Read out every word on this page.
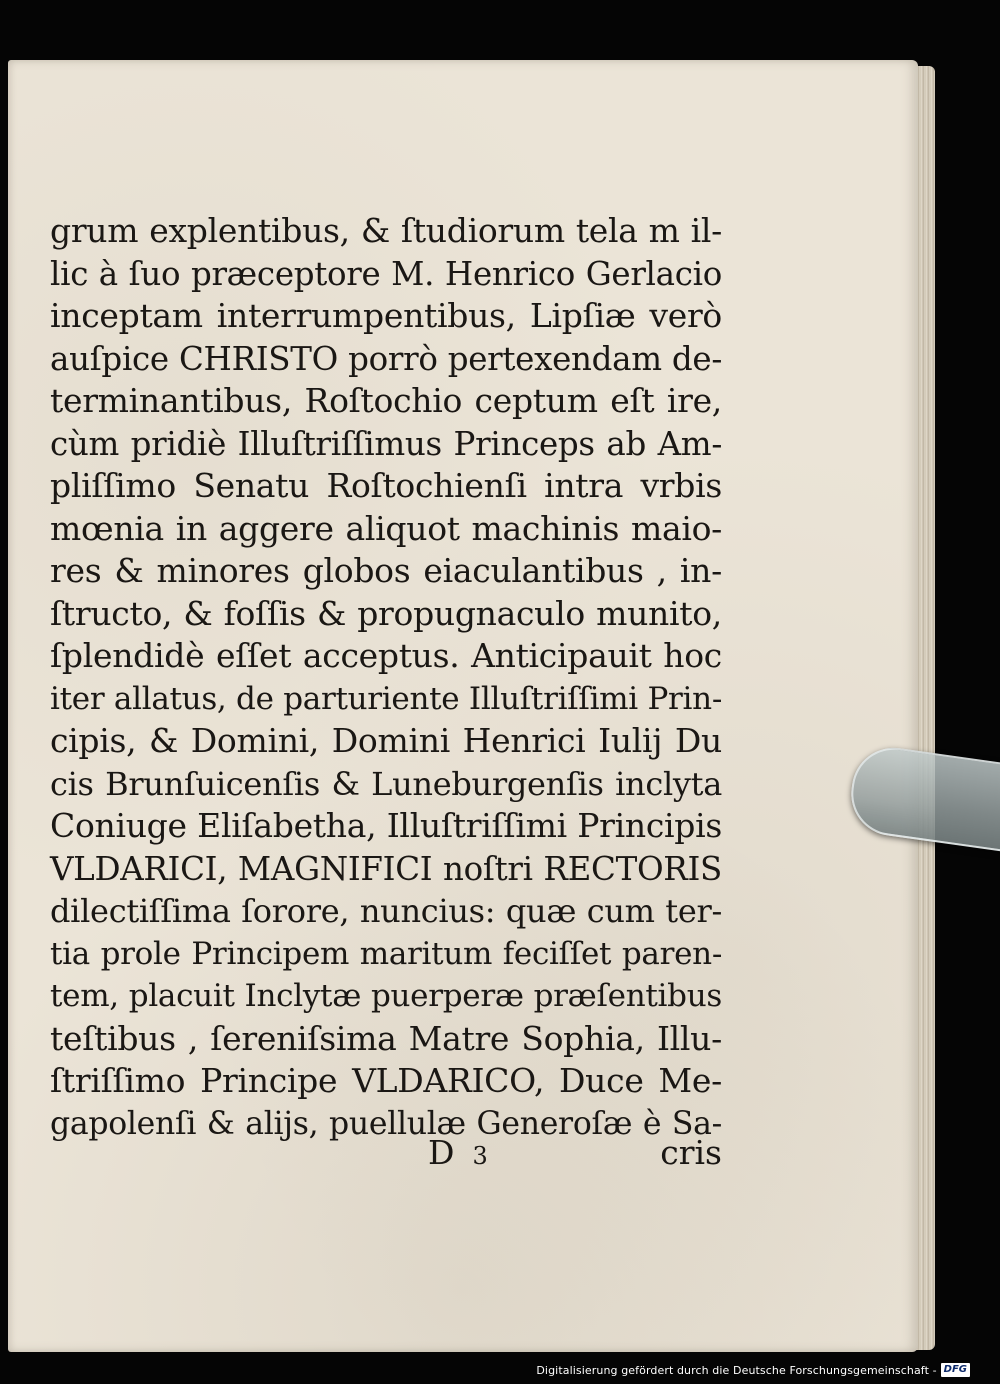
grum explentibus, & ſtudiorum tela m il-
lic à ſuo præceptore M. Henrico Gerlacio
inceptam interrumpentibus, Lipſiæ verò
auſpice CHRISTO porrò pertexendam de-
terminantibus, Roſtochio ceptum eſt ire,
cùm pridiè Illuſtriſſimus Princeps ab Am-
pliſſimo Senatu Roſtochienſi intra vrbis
mœnia in aggere aliquot machinis maio-
res & minores globos eiaculantibus , in-
ſtructo, & foſſis & propugnaculo munito,
ſplendidè eſſet acceptus. Anticipauit hoc
iter allatus, de parturiente Illuſtriſſimi Prin-
cipis, & Domini, Domini Henrici Iulij Du
cis Brunſuicenſis & Luneburgenſis inclyta
Coniuge Eliſabetha, Illuſtriſſimi Principis
VLDARICI, MAGNIFICI noſtri RECTORIS
dilectiſſima ſorore, nuncius: quæ cum ter-
tia prole Principem maritum feciſſet paren-
tem, placuit Inclytæ puerperæ præſentibus
teſtibus , ſereniſsima Matre Sophia, Illu-
ſtriſſimo Principe VLDARICO, Duce Me-
gapolenſi & alijs, puellulæ Generoſæ è Sa-
D 3	cris
Digitalisierung gefördert durch die Deutsche Forschungsgemeinschaft - DFG
